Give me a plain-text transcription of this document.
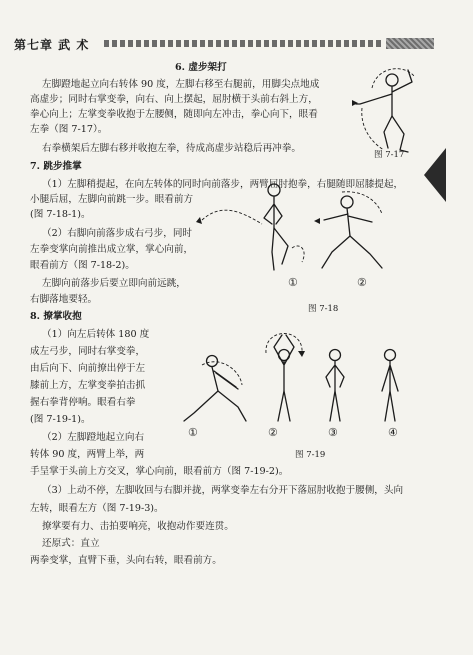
第七章 武 术
6. 虚步架打
左脚蹬地起立向右转体 90 度，左脚右移至右腿前，用脚尖点地成
高虚步；同时右掌变拳，向右、向上摆起，屈肘横于头前右斜上方，
拳心向上；左掌变拳收抱于左腰侧，随即向左冲击，拳心向下，眼看
左拳（图 7-17）。
右拳横架后左脚右移并收抱左拳，待成高虚步站稳后再冲拳。
7. 跳步推掌
（1）左脚稍提起，在向左转体的同时向前落步，两臂屈肘抱拳，右腿随即屈膝提起，
小腿后屈，左脚向前跳一步。眼看前方
(图 7-18-1)。
（2）右脚向前落步成右弓步，同时
左拳变掌向前推出成立掌，掌心向前，
眼看前方（图 7-18-2)。
左脚向前落步后要立即向前远跳，
右脚落地要轻。
8. 撩掌收抱
（1）向左后转体 180 度
成左弓步，同时右掌变拳，
由后向下、向前撩出停于左
膝前上方，左掌变拳拍击抓
握右拳背停响。眼看右拳
(图 7-19-1)。
（2）左脚蹬地起立向右
转体 90 度，两臂上举，两
手呈掌于头前上方交叉，掌心向前，眼看前方（图 7-19-2)。
（3）上动不停，左脚收回与右脚并拢，两掌变拳左右分开下落屈肘收抱于腰侧，头向
左转，眼看左方（图 7-19-3)。
撩掌要有力、击拍要响亮，收抱动作要连贯。
还原式：直立
两拳变掌，直臂下垂，头向右转，眼看前方。
图 7-17
①	②
图 7-18
①	②	③	④
图 7-19
